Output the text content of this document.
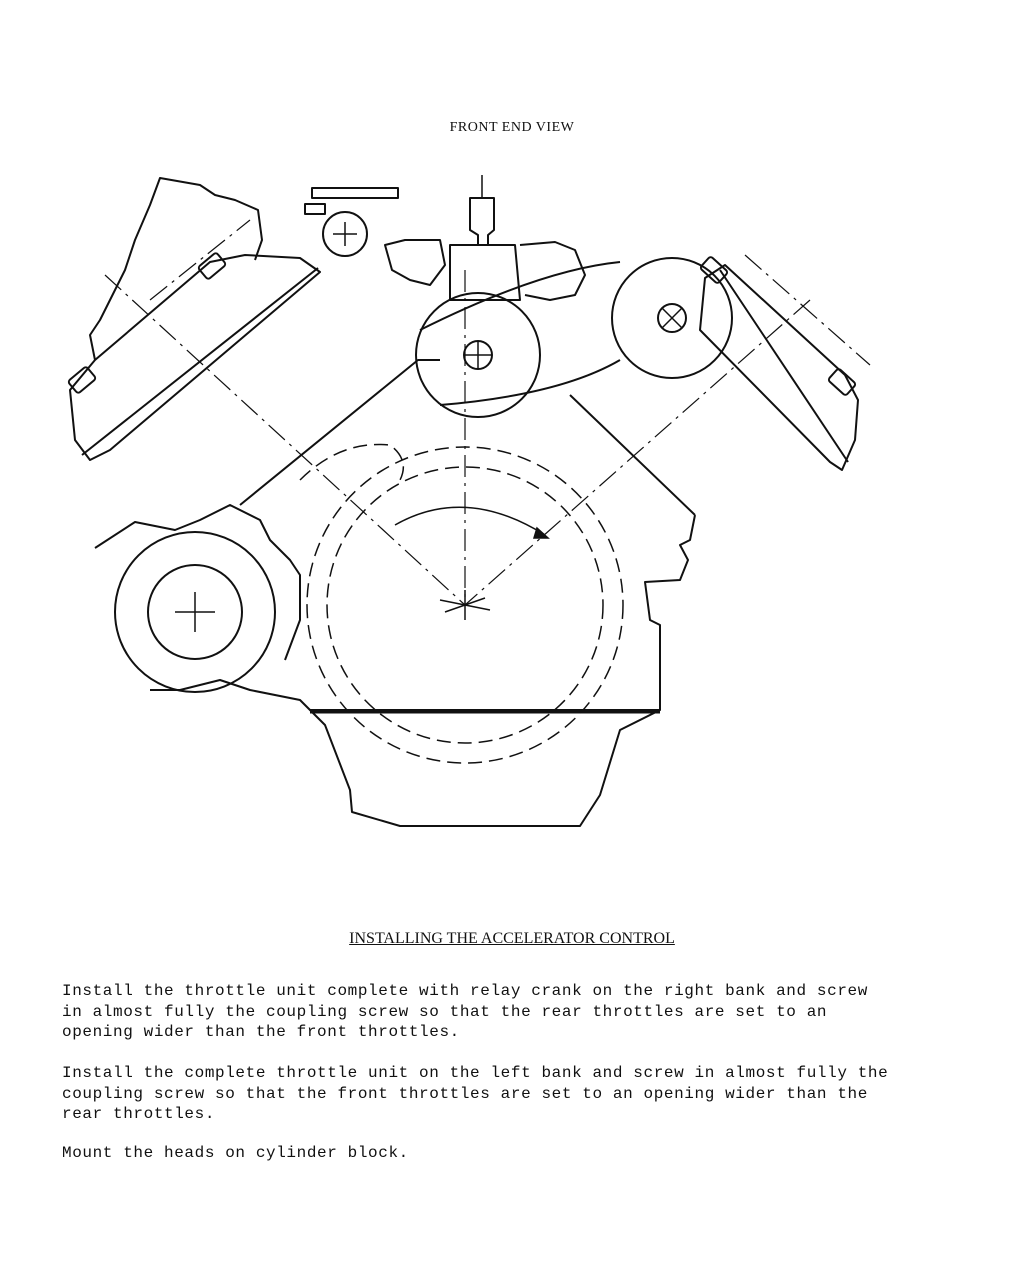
FRONT END VIEW
INSTALLING THE ACCELERATOR CONTROL

Install the throttle unit complete with relay crank on the right bank and screw in almost fully the coupling screw so that the rear throttles are set to an opening wider than the front throttles.

Install the complete throttle unit on the left bank and screw in almost fully the coupling screw so that the front throttles are set to an opening wider than the rear throttles.

Mount the heads on cylinder block.
